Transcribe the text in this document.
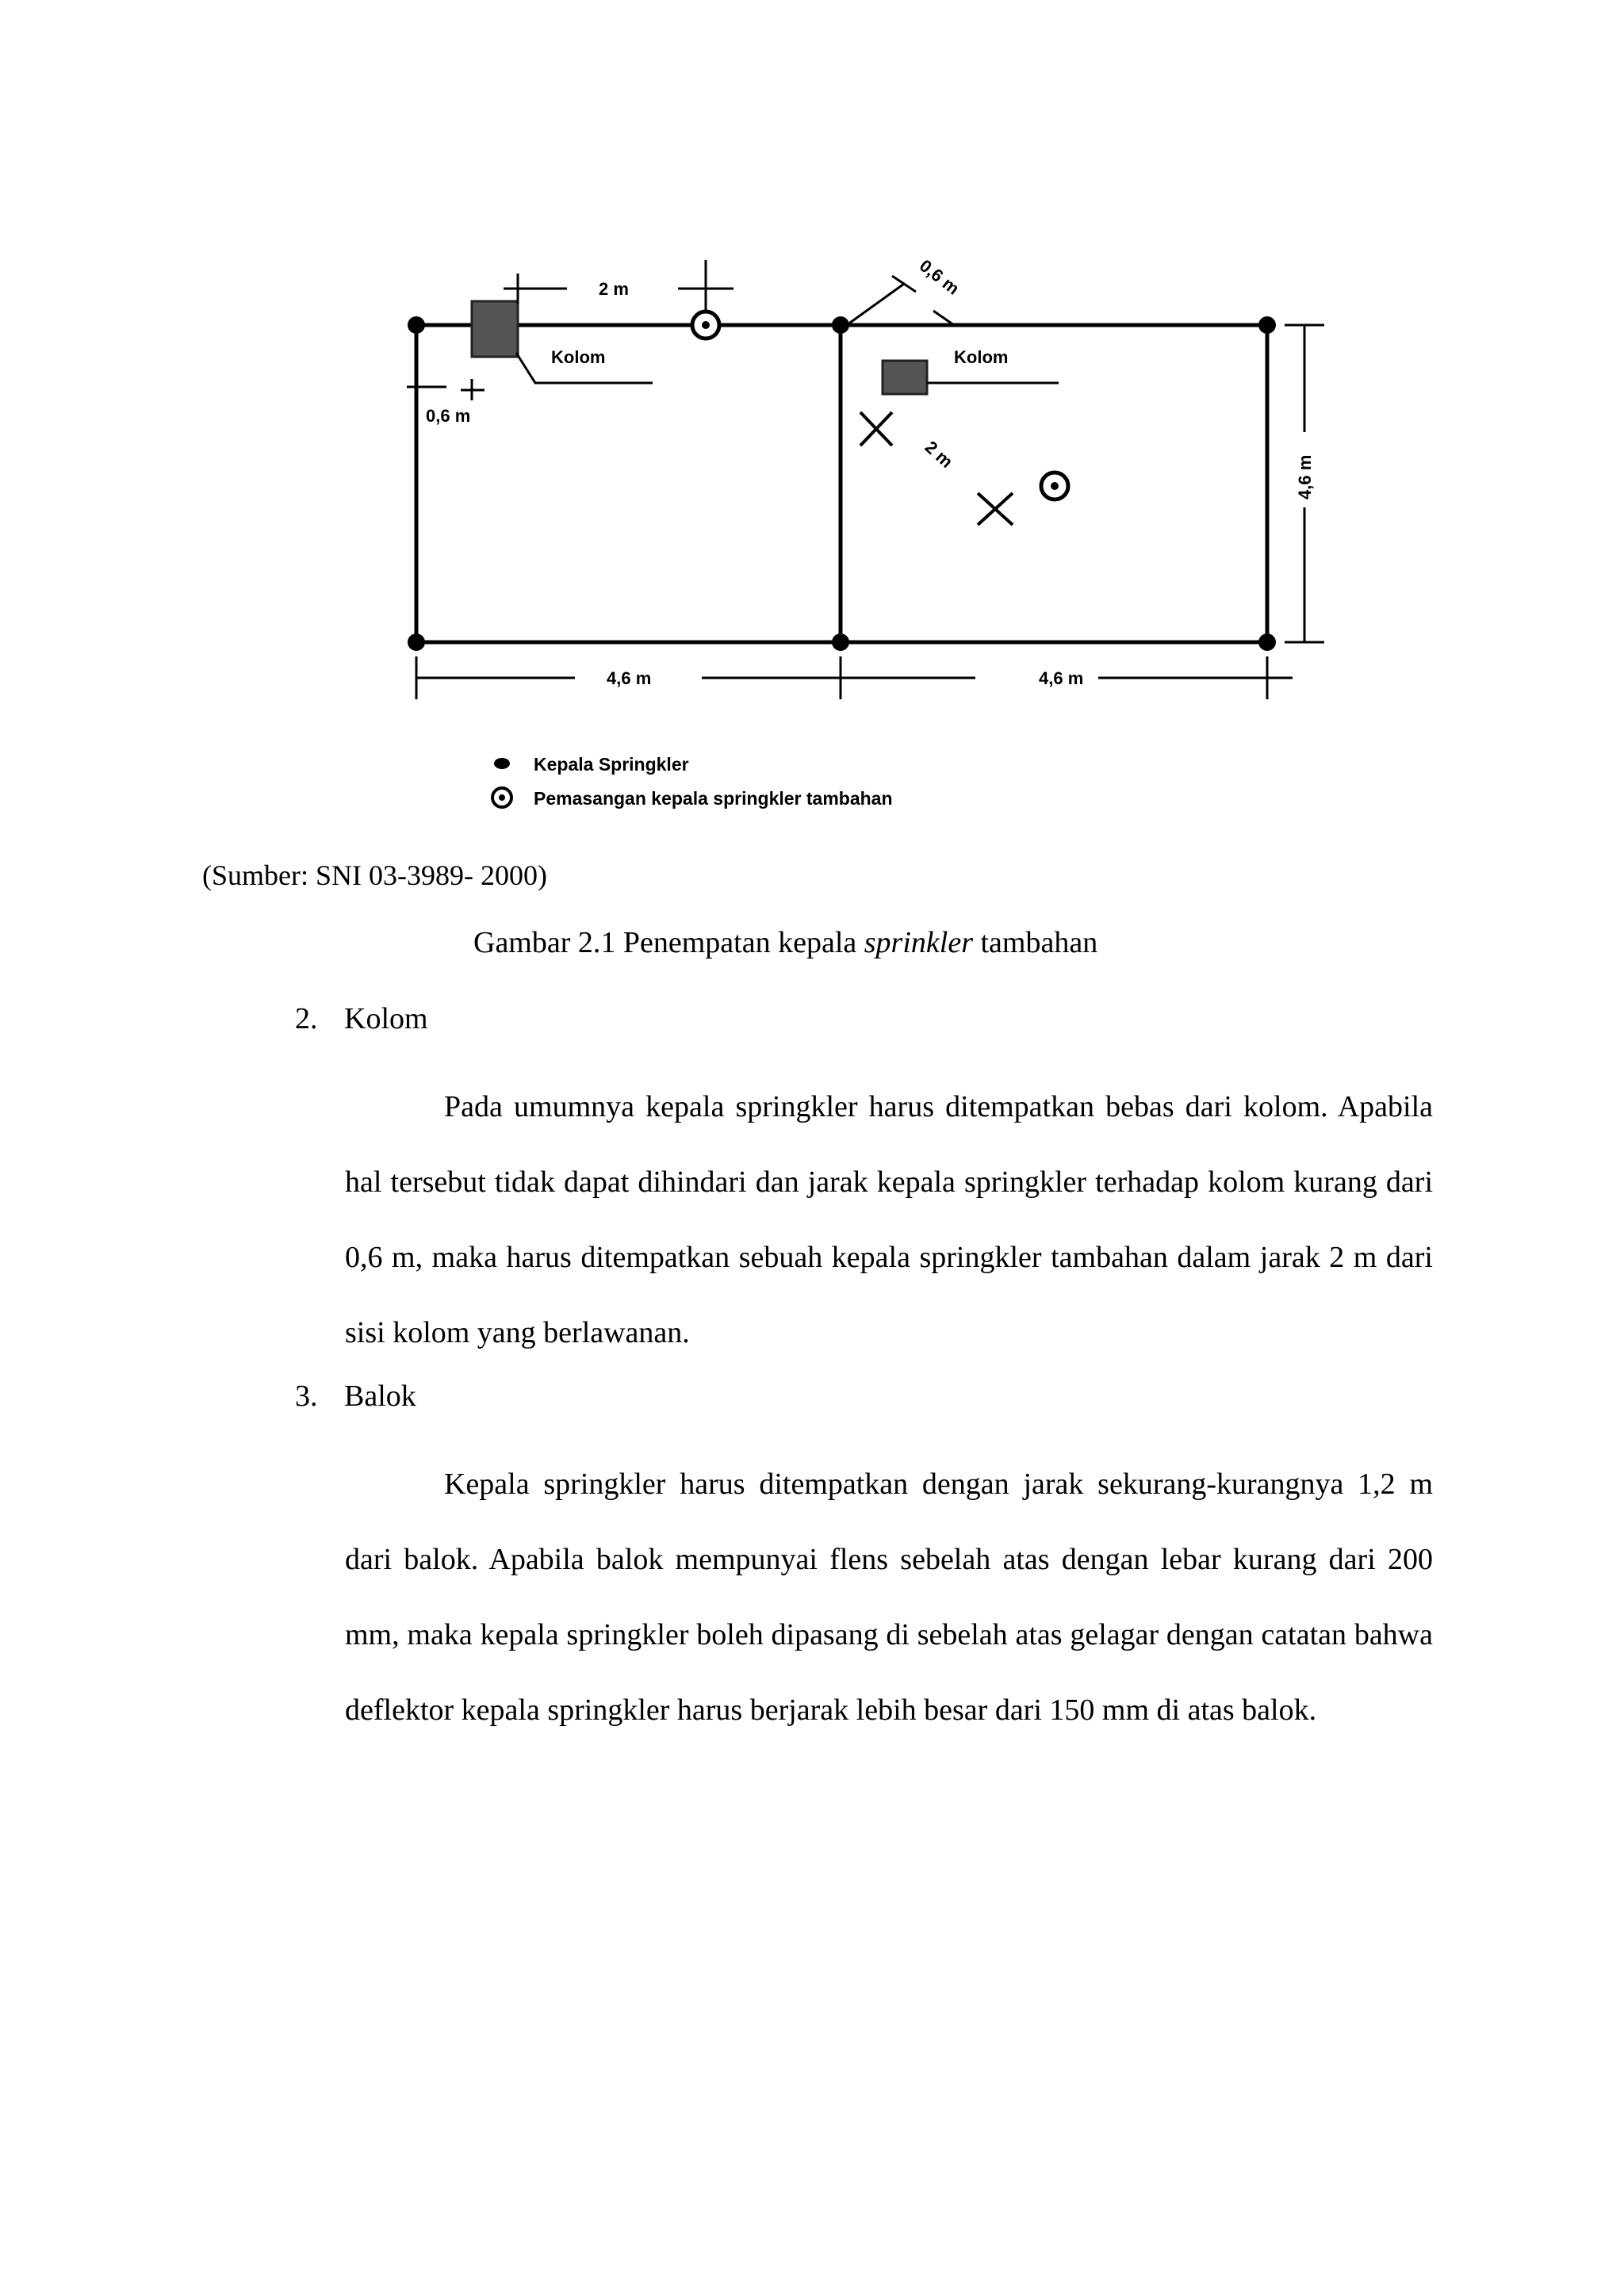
2 m
Kolom
0,6 m
0,6 m
Kolom
2 m
4,6 m
4,6 m	4,6 m
Kepala Springkler
Pemasangan kepala springkler tambahan
(Sumber: SNI 03-3989- 2000)
Gambar 2.1 Penempatan kepala sprinkler tambahan
2. Kolom

Pada umumnya kepala springkler harus ditempatkan bebas dari kolom. Apabila hal tersebut tidak dapat dihindari dan jarak kepala springkler terhadap kolom kurang dari 0,6 m, maka harus ditempatkan sebuah kepala springkler tambahan dalam jarak 2 m dari sisi kolom yang berlawanan.

3. Balok

Kepala springkler harus ditempatkan dengan jarak sekurang-kurangnya 1,2 m dari balok. Apabila balok mempunyai flens sebelah atas dengan lebar kurang dari 200 mm, maka kepala springkler boleh dipasang di sebelah atas gelagar dengan catatan bahwa deflektor kepala springkler harus berjarak lebih besar dari 150 mm di atas balok.
